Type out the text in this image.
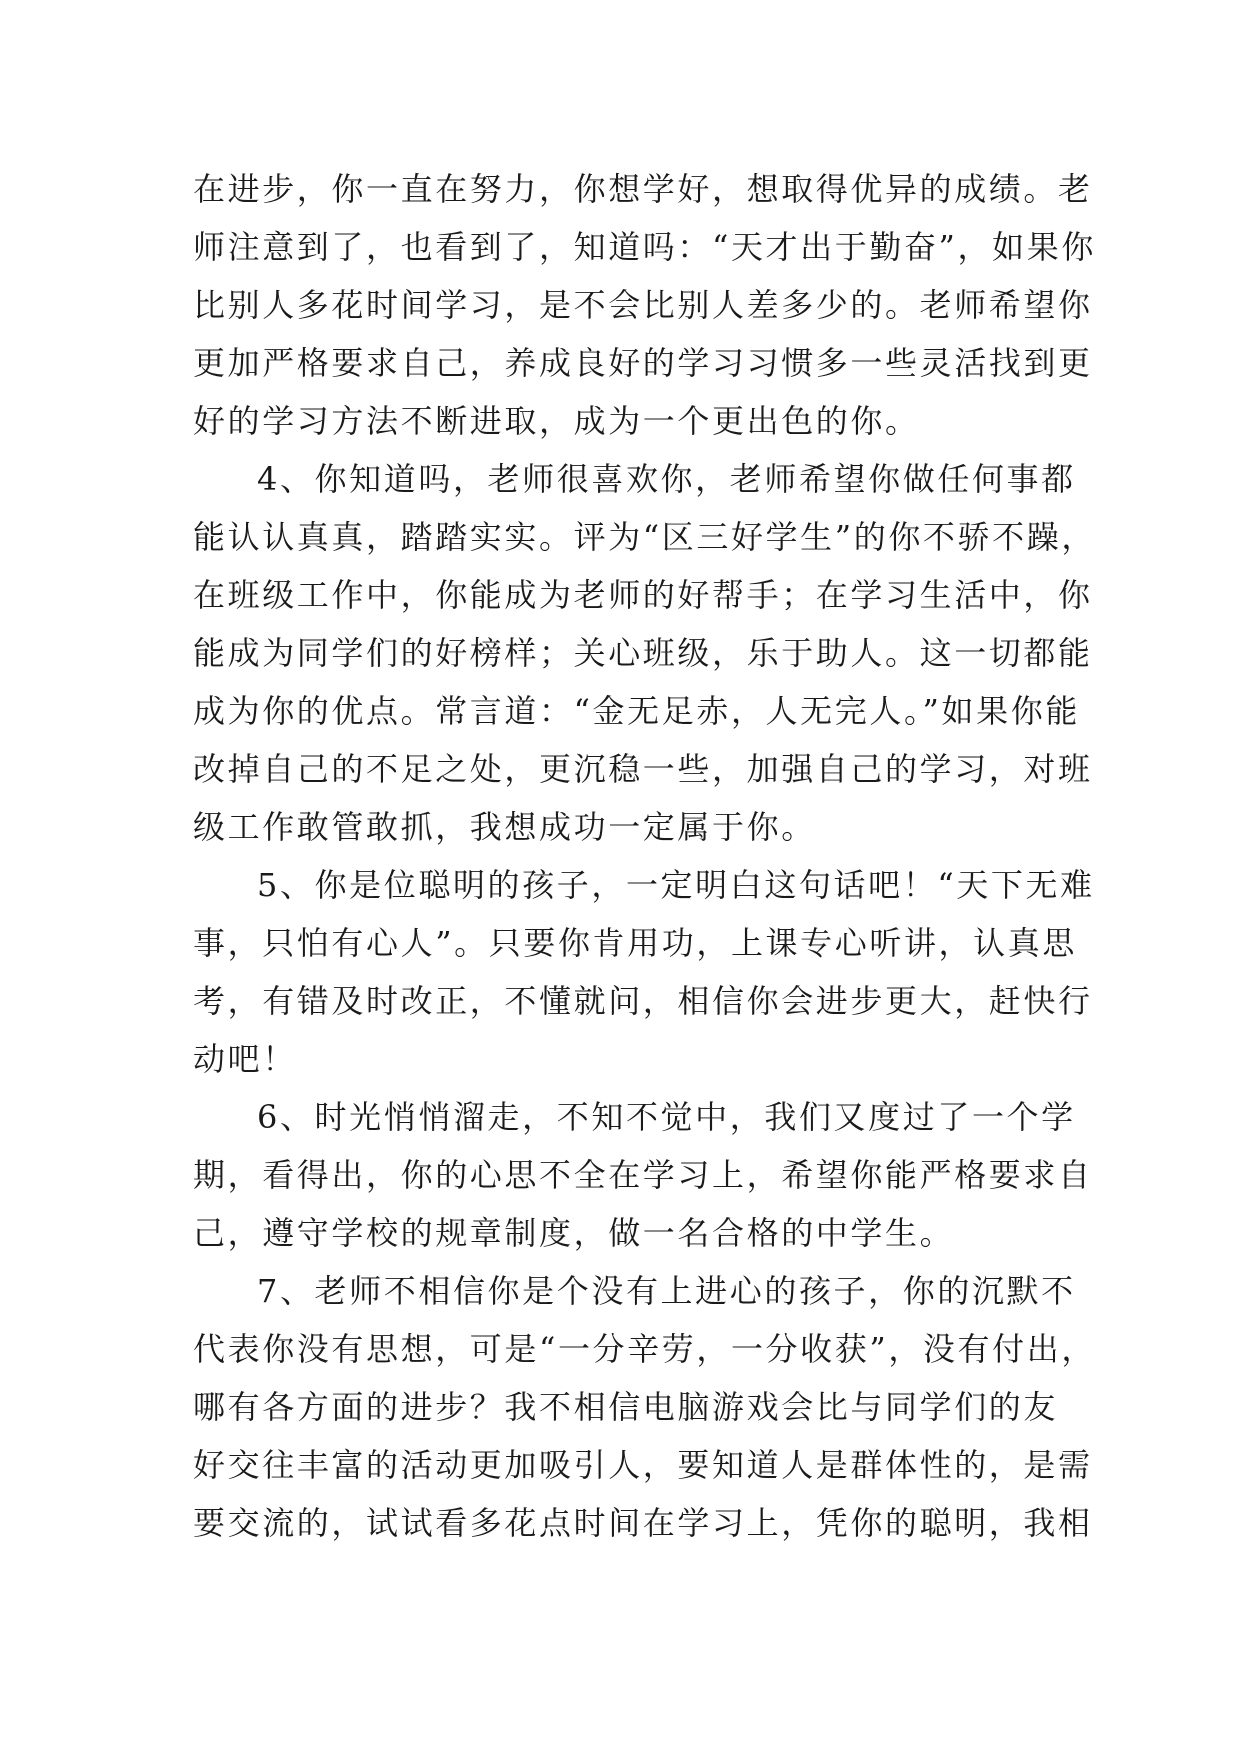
在进步，你一直在努力，你想学好，想取得优异的成绩。老
师注意到了，也看到了，知道吗：“天才出于勤奋”，如果你
比别人多花时间学习，是不会比别人差多少的。老师希望你
更加严格要求自己，养成良好的学习习惯多一些灵活找到更
好的学习方法不断进取，成为一个更出色的你。
4、你知道吗，老师很喜欢你，老师希望你做任何事都
能认认真真，踏踏实实。评为“区三好学生”的你不骄不躁，
在班级工作中，你能成为老师的好帮手；在学习生活中，你
能成为同学们的好榜样；关心班级，乐于助人。这一切都能
成为你的优点。常言道：“金无足赤，人无完人。”如果你能
改掉自己的不足之处，更沉稳一些，加强自己的学习，对班
级工作敢管敢抓，我想成功一定属于你。
5、你是位聪明的孩子，一定明白这句话吧！“天下无难
事，只怕有心人”。只要你肯用功，上课专心听讲，认真思
考，有错及时改正，不懂就问，相信你会进步更大，赶快行
动吧！
6、时光悄悄溜走，不知不觉中，我们又度过了一个学
期，看得出，你的心思不全在学习上，希望你能严格要求自
己，遵守学校的规章制度，做一名合格的中学生。
7、老师不相信你是个没有上进心的孩子，你的沉默不
代表你没有思想，可是“一分辛劳，一分收获”，没有付出，
哪有各方面的进步？我不相信电脑游戏会比与同学们的友
好交往丰富的活动更加吸引人，要知道人是群体性的，是需
要交流的，试试看多花点时间在学习上，凭你的聪明，我相
